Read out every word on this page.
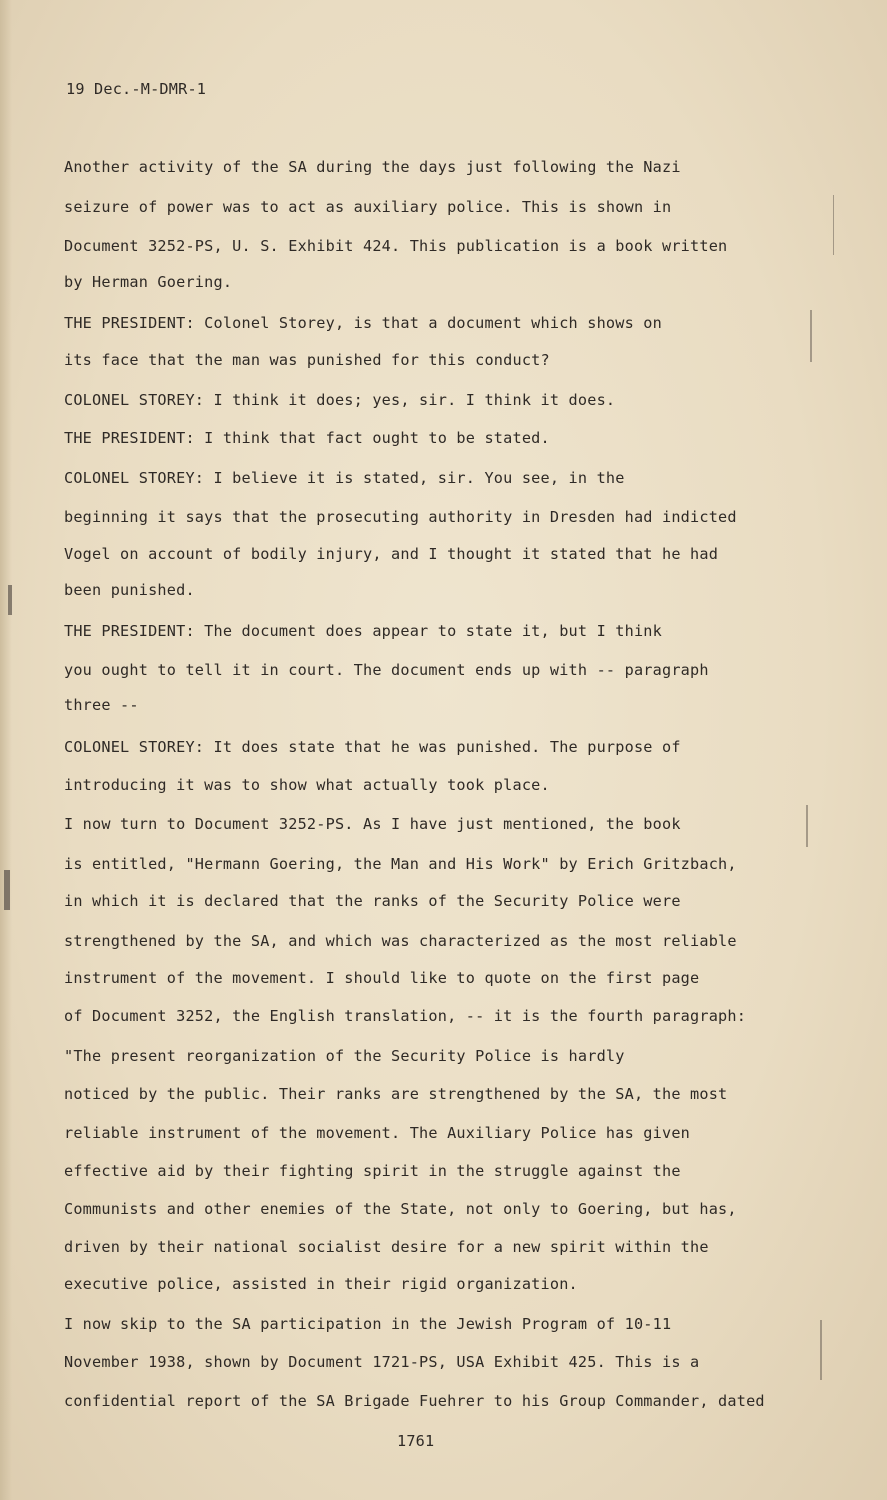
19 Dec.-M-DMR-1
Another activity of the SA during the days just following the Nazi
seizure of power was to act as auxiliary police. This is shown in
Document 3252-PS, U. S. Exhibit 424. This publication is a book written
by Herman Goering.
THE PRESIDENT: Colonel Storey, is that a document which shows on
its face that the man was punished for this conduct?
COLONEL STOREY: I think it does; yes, sir. I think it does.
THE PRESIDENT: I think that fact ought to be stated.
COLONEL STOREY: I believe it is stated, sir. You see, in the
beginning it says that the prosecuting authority in Dresden had indicted
Vogel on account of bodily injury, and I thought it stated that he had
been punished.
THE PRESIDENT: The document does appear to state it, but I think
you ought to tell it in court. The document ends up with -- paragraph
three --
COLONEL STOREY: It does state that he was punished. The purpose of
introducing it was to show what actually took place.
I now turn to Document 3252-PS. As I have just mentioned, the book
is entitled, "Hermann Goering, the Man and His Work" by Erich Gritzbach,
in which it is declared that the ranks of the Security Police were
strengthened by the SA, and which was characterized as the most reliable
instrument of the movement. I should like to quote on the first page
of Document 3252, the English translation, -- it is the fourth paragraph:
"The present reorganization of the Security Police is hardly
noticed by the public. Their ranks are strengthened by the SA, the most
reliable instrument of the movement. The Auxiliary Police has given
effective aid by their fighting spirit in the struggle against the
Communists and other enemies of the State, not only to Goering, but has,
driven by their national socialist desire for a new spirit within the
executive police, assisted in their rigid organization.
I now skip to the SA participation in the Jewish Program of 10-11
November 1938, shown by Document 1721-PS, USA Exhibit 425. This is a
confidential report of the SA Brigade Fuehrer to his Group Commander, dated
1761
